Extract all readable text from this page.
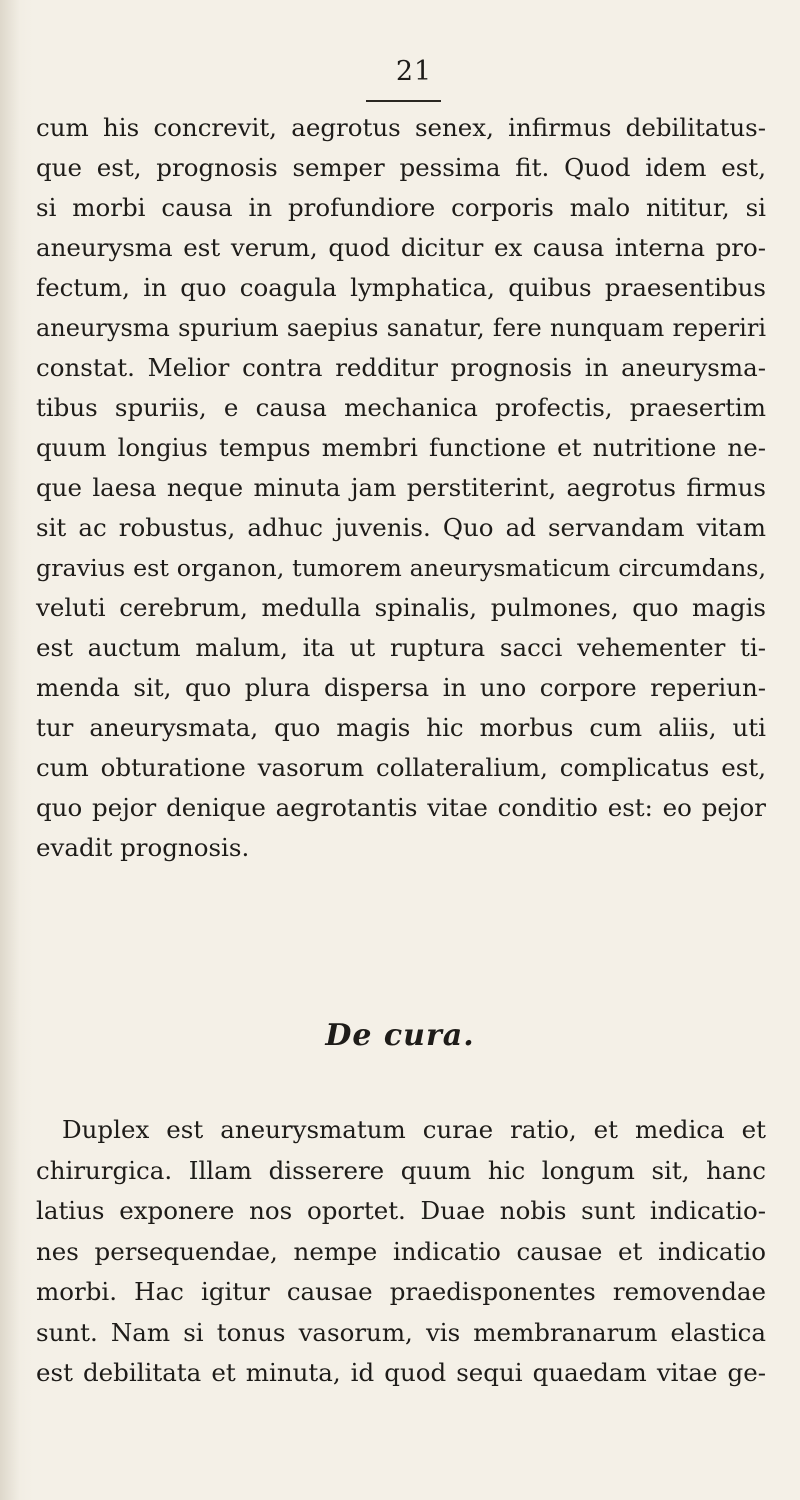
21
cum his concrevit, aegrotus senex, infirmus debilitatus-
que est, prognosis semper pessima fit. Quod idem est,
si morbi causa in profundiore corporis malo nititur, si
aneurysma est verum, quod dicitur ex causa interna pro-
fectum, in quo coagula lymphatica, quibus praesentibus
aneurysma spurium saepius sanatur, fere nunquam reperiri
constat. Melior contra redditur prognosis in aneurysma-
tibus spuriis, e causa mechanica profectis, praesertim
quum longius tempus membri functione et nutritione ne-
que laesa neque minuta jam perstiterint, aegrotus firmus
sit ac robustus, adhuc juvenis. Quo ad servandam vitam
gravius est organon, tumorem aneurysmaticum circumdans,
veluti cerebrum, medulla spinalis, pulmones, quo magis
est auctum malum, ita ut ruptura sacci vehementer ti-
menda sit, quo plura dispersa in uno corpore reperiun-
tur aneurysmata, quo magis hic morbus cum aliis, uti
cum obturatione vasorum collateralium, complicatus est,
quo pejor denique aegrotantis vitae conditio est: eo pejor
evadit prognosis.
De cura.
Duplex est aneurysmatum curae ratio, et medica et
chirurgica. Illam disserere quum hic longum sit, hanc
latius exponere nos oportet. Duae nobis sunt indicatio-
nes persequendae, nempe indicatio causae et indicatio
morbi. Hac igitur causae praedisponentes removendae
sunt. Nam si tonus vasorum, vis membranarum elastica
est debilitata et minuta, id quod sequi quaedam vitae ge-
